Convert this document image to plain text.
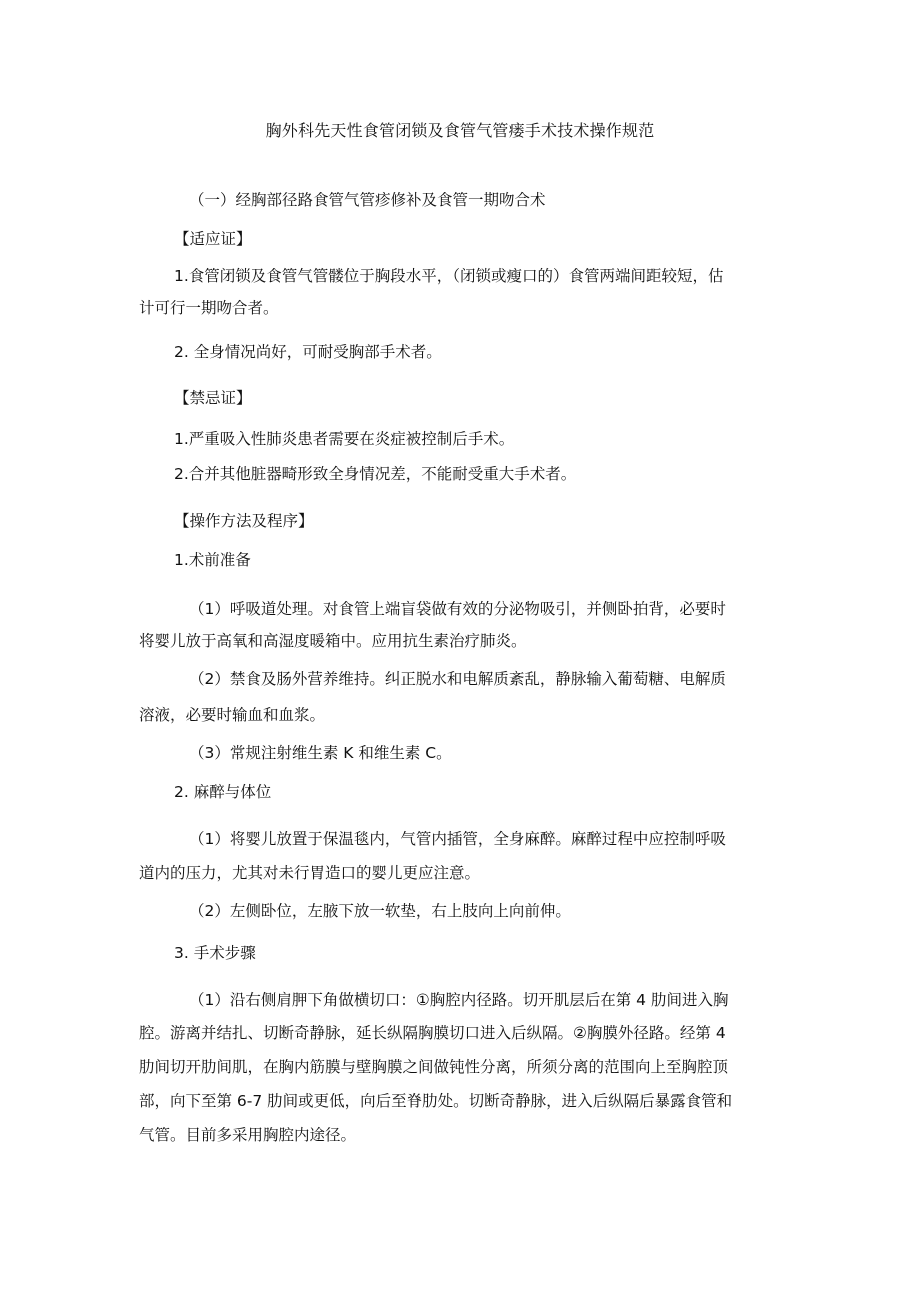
胸外科先天性食管闭锁及食管气管瘘手术技术操作规范
（一）经胸部径路食管气管疹修补及食管一期吻合术
【适应证】
1.食管闭锁及食管气管髅位于胸段水平，（闭锁或瘦口的）食管两端间距较短，估
计可行一期吻合者。
2. 全身情况尚好，可耐受胸部手术者。
【禁忌证】
1.严重吸入性肺炎患者需要在炎症被控制后手术。
2.合并其他脏器畸形致全身情况差，不能耐受重大手术者。
【操作方法及程序】
1.术前准备
（1）呼吸道处理。对食管上端盲袋做有效的分泌物吸引，并侧卧拍背，必要时
将婴儿放于高氧和高湿度暖箱中。应用抗生素治疗肺炎。
（2）禁食及肠外营养维持。纠正脱水和电解质紊乱，静脉输入葡萄糖、电解质
溶液，必要时输血和血浆。
（3）常规注射维生素 K 和维生素 C。
2. 麻醉与体位
（1）将婴儿放置于保温毯内，气管内插管，全身麻醉。麻醉过程中应控制呼吸
道内的压力，尤其对未行胃造口的婴儿更应注意。
（2）左侧卧位，左腋下放一软垫，右上肢向上向前伸。
3. 手术步骤
（1）沿右侧肩胛下角做横切口：①胸腔内径路。切开肌层后在第 4 肋间进入胸
腔。游离并结扎、切断奇静脉，延长纵隔胸膜切口进入后纵隔。②胸膜外径路。经第 4
肋间切开肋间肌，在胸内筋膜与壁胸膜之间做钝性分离，所须分离的范围向上至胸腔顶
部，向下至第 6-7 肋间或更低，向后至脊肋处。切断奇静脉，进入后纵隔后暴露食管和
气管。目前多采用胸腔内途径。
